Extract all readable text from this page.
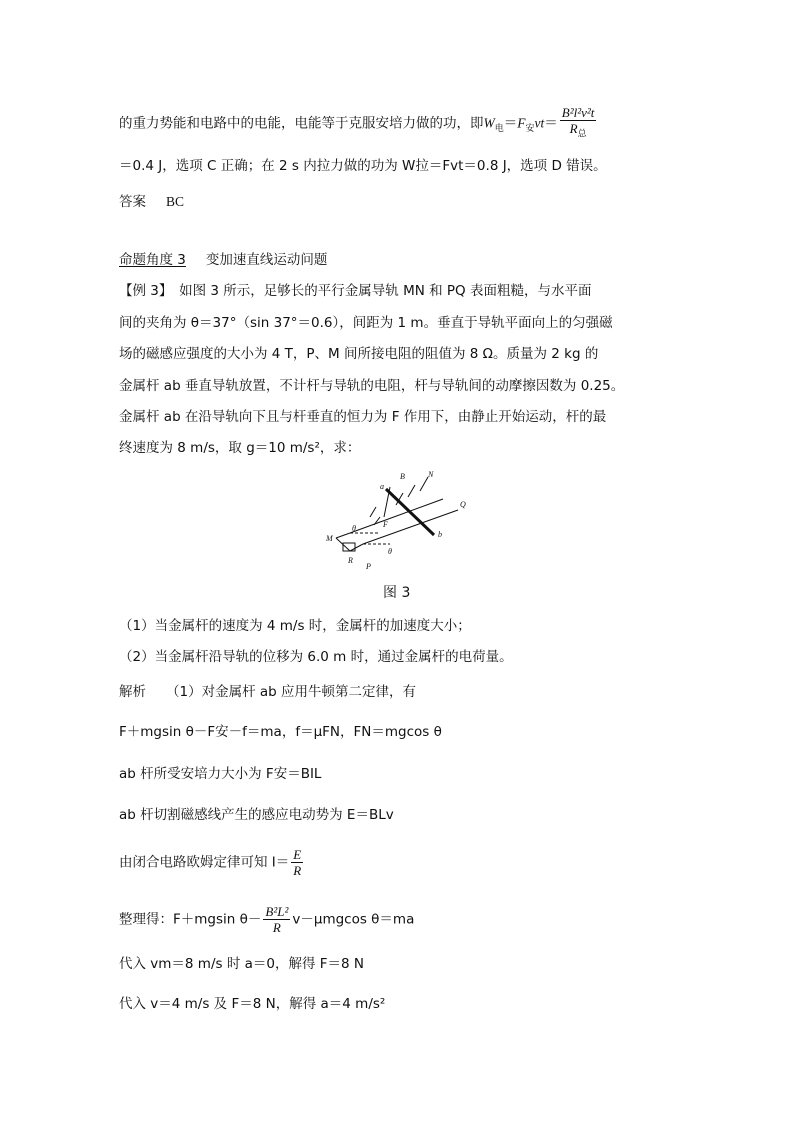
的重力势能和电路中的电能，电能等于克服安培力做的功，即$W_电=F_安vt= \frac{\text{B²l²v²t}}{R_总}$
＝0.4 J，选项 C 正确；在 2 s 内拉力做的功为 W拉＝Fvt＝0.8 J，选项 D 错误。
答案 BC
命题角度 3 变加速直线运动问题
【例 3】　如图 3 所示，足够长的平行金属导轨 MN 和 PQ 表面粗糙，与水平面
间的夹角为 θ＝37°（sin 37°＝0.6），间距为 1 m。垂直于导轨平面向上的匀强磁
场的磁感应强度的大小为 4 T，P、M 间所接电阻的阻值为 8 Ω。质量为 2 kg 的
金属杆 ab 垂直导轨放置，不计杆与导轨的电阻，杆与导轨间的动摩擦因数为 0.25。
金属杆 ab 在沿导轨向下且与杆垂直的恒力为 F 作用下，由静止开始运动，杆的最
终速度为 8 m/s，取 g＝10 m/s²，求：
B	N
a
Q
θ	F
M	b
θ
R
P
图 3
（1）当金属杆的速度为 4 m/s 时，金属杆的加速度大小；
（2）当金属杆沿导轨的位移为 6.0 m 时，通过金属杆的电荷量。
解析 （1）对金属杆 ab 应用牛顿第二定律，有
F＋mgsin θ－F安－f＝ma，f＝μFN，FN＝mgcos θ
ab 杆所受安培力大小为 F安＝BIL
ab 杆切割磁感线产生的感应电动势为 E＝BLv
由闭合电路欧姆定律可知 $I= \frac{E}{R}$
整理得：F＋mgsin $\theta- \frac{\text{B²L²}}{R} v-\mu mgcos$ θ＝ma
代入 vm＝8 m/s 时 a＝0，解得 F＝8 N
代入 v＝4 m/s 及 F＝8 N，解得 a＝4 m/s²
